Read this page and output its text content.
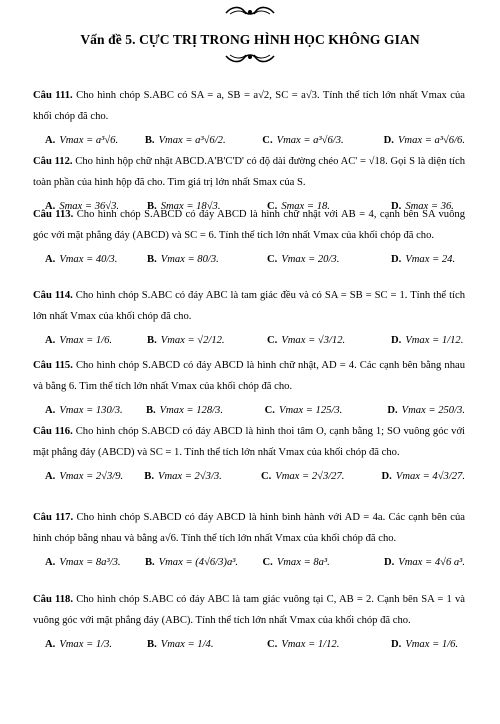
Vấn đề 5. CỰC TRỊ TRONG HÌNH HỌC KHÔNG GIAN
Câu 111. Cho hình chóp S.ABC có SA = a, SB = a√2, SC = a√3. Tính thể tích lớn nhất Vmax của khối chóp đã cho.
A. Vmax = a³√6.	B. Vmax = a³√6/2.	C. Vmax = a³√6/3.	D. Vmax = a³√6/6.
Câu 112. Cho hình hộp chữ nhật ABCD.A'B'C'D' có độ dài đường chéo AC' = √18. Gọi S là diện tích toàn phần của hình hộp đã cho. Tìm giá trị lớn nhất Smax của S.
A. Smax = 36√3.	B. Smax = 18√3.	C. Smax = 18.	D. Smax = 36.
Câu 113. Cho hình chóp S.ABCD có đáy ABCD là hình chữ nhật với AB = 4, cạnh bên SA vuông góc với mặt phẳng đáy (ABCD) và SC = 6. Tính thể tích lớn nhất Vmax của khối chóp đã cho.
A. Vmax = 40/3.	B. Vmax = 80/3.	C. Vmax = 20/3.	D. Vmax = 24.
Câu 114. Cho hình chóp S.ABC có đáy ABC là tam giác đều và có SA = SB = SC = 1. Tính thể tích lớn nhất Vmax của khối chóp đã cho.
A. Vmax = 1/6.	B. Vmax = √2/12.	C. Vmax = √3/12.	D. Vmax = 1/12.
Câu 115. Cho hình chóp S.ABCD có đáy ABCD là hình chữ nhật, AD = 4. Các cạnh bên bằng nhau và bằng 6. Tìm thể tích lớn nhất Vmax của khối chóp đã cho.
A. Vmax = 130/3.	B. Vmax = 128/3.	C. Vmax = 125/3.	D. Vmax = 250/3.
Câu 116. Cho hình chóp S.ABCD có đáy ABCD là hình thoi tâm O, cạnh bằng 1; SO vuông góc với mặt phẳng đáy (ABCD) và SC = 1. Tính thể tích lớn nhất Vmax của khối chóp đã cho.
A. Vmax = 2√3/9.	B. Vmax = 2√3/3.	C. Vmax = 2√3/27.	D. Vmax = 4√3/27.
Câu 117. Cho hình chóp S.ABCD có đáy ABCD là hình bình hành với AD = 4a. Các cạnh bên của hình chóp bằng nhau và bằng a√6. Tính thể tích lớn nhất Vmax của khối chóp đã cho.
A. Vmax = 8a³/3.	B. Vmax = (4√6/3)a³.	C. Vmax = 8a³.	D. Vmax = 4√6 a³.
Câu 118. Cho hình chóp S.ABC có đáy ABC là tam giác vuông tại C, AB = 2. Cạnh bên SA = 1 và vuông góc với mặt phẳng đáy (ABC). Tính thể tích lớn nhất Vmax của khối chóp đã cho.
A. Vmax = 1/3.	B. Vmax = 1/4.	C. Vmax = 1/12.	D. Vmax = 1/6.
